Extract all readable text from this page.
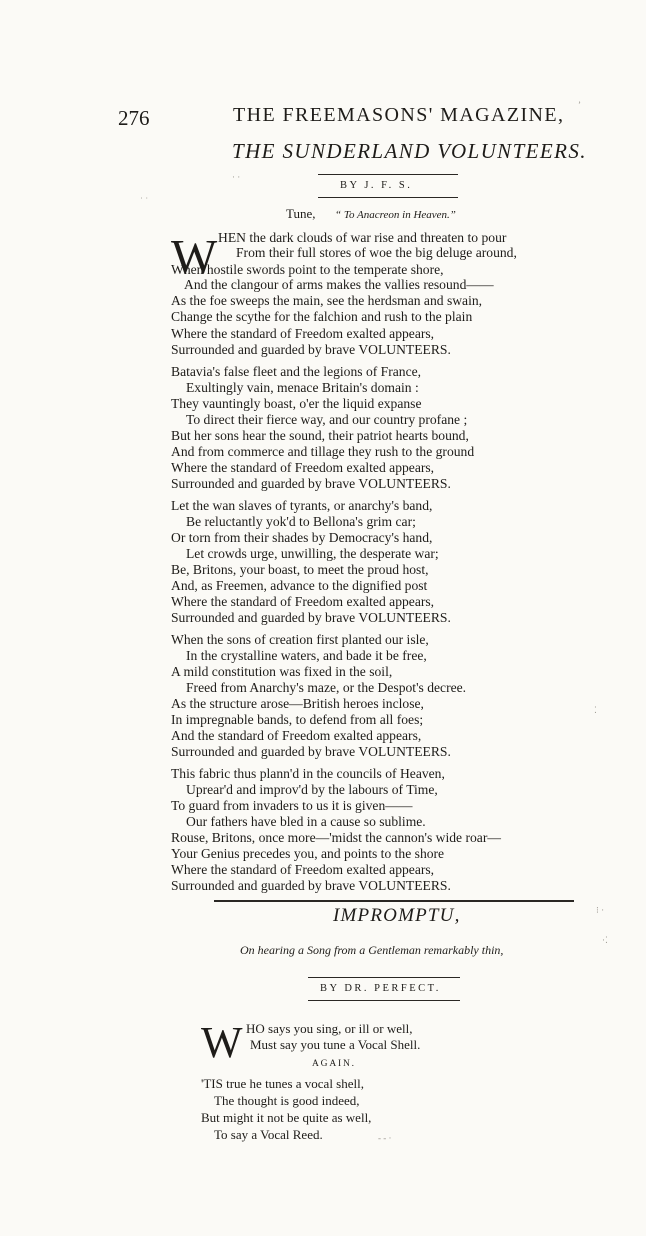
276	THE FREEMASONS' MAGAZINE,
THE SUNDERLAND VOLUNTEERS.
BY J. F. S.
Tune, “ To Anacreon in Heaven.”
W HEN the dark clouds of war rise and threaten to pour
From their full stores of woe the big deluge around,
When hostile swords point to the temperate shore,
And the clangour of arms makes the vallies resound——
As the foe sweeps the main, see the herdsman and swain,
Change the scythe for the falchion and rush to the plain
Where the standard of Freedom exalted appears,
Surrounded and guarded by brave VOLUNTEERS.
Batavia's false fleet and the legions of France,
Exultingly vain, menace Britain's domain :
They vauntingly boast, o'er the liquid expanse
To direct their fierce way, and our country profane ;
But her sons hear the sound, their patriot hearts bound,
And from commerce and tillage they rush to the ground
Where the standard of Freedom exalted appears,
Surrounded and guarded by brave VOLUNTEERS.
Let the wan slaves of tyrants, or anarchy's band,
Be reluctantly yok'd to Bellona's grim car;
Or torn from their shades by Democracy's hand,
Let crowds urge, unwilling, the desperate war;
Be, Britons, your boast, to meet the proud host,
And, as Freemen, advance to the dignified post
Where the standard of Freedom exalted appears,
Surrounded and guarded by brave VOLUNTEERS.
When the sons of creation first planted our isle,
In the crystalline waters, and bade it be free,
A mild constitution was fixed in the soil,
Freed from Anarchy's maze, or the Despot's decree.
As the structure arose—British heroes inclose,
In impregnable bands, to defend from all foes;
And the standard of Freedom exalted appears,
Surrounded and guarded by brave VOLUNTEERS.
This fabric thus plann'd in the councils of Heaven,
Uprear'd and improv'd by the labours of Time,
To guard from invaders to us it is given——
Our fathers have bled in a cause so sublime.
Rouse, Britons, once more—'midst the cannon's wide roar—
Your Genius precedes you, and points to the shore
Where the standard of Freedom exalted appears,
Surrounded and guarded by brave VOLUNTEERS.
IMPROMPTU,
On hearing a Song from a Gentleman remarkably thin,
BY DR. PERFECT.
W HO says you sing, or ill or well,
Must say you tune a Vocal Shell.
AGAIN.
'TIS true he tunes a vocal shell,
The thought is good indeed,
But might it not be quite as well,
To say a Vocal Reed.
ʼ
· ·
˙ ˙
⁚
⁝ ·
·⁚
- - ·
